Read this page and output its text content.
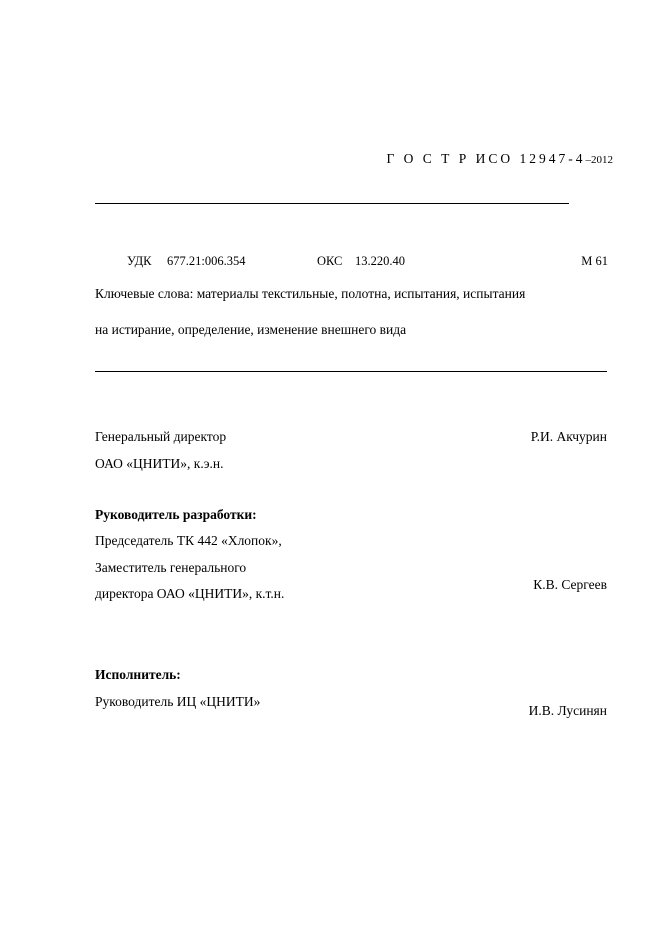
Г О С Т Р ИСО 12947-4–2012
УДК 677.21:006.354	ОКС 13.220.40	М 61
Ключевые слова: материалы текстильные, полотна, испытания, испытания
на истирание, определение, изменение внешнего вида
Генеральный директор
ОАО «ЦНИТИ», к.э.н.
Р.И. Акчурин
Руководитель разработки:
Председатель ТК 442 «Хлопок»,
Заместитель генерального
директора ОАО «ЦНИТИ», к.т.н.
К.В. Сергеев
Исполнитель:
Руководитель ИЦ «ЦНИТИ»
И.В. Лусинян
